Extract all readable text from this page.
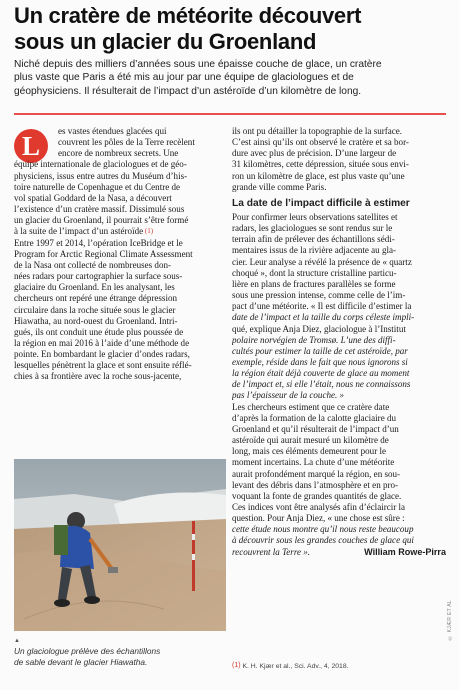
Un cratère de météorite découvert
sous un glacier du Groenland

Niché depuis des milliers d’années sous une épaisse couche de glace, un cratère
plus vaste que Paris a été mis au jour par une équipe de glaciologues et de
géophysiciens. Il résulterait de l’impact d’un astéroïde d’un kilomètre de long.

L	es vastes étendues glacées qui
couvrent les pôles de la Terre recèlent
encore de nombreux secrets. Une
équipe internationale de glaciologues et de géo-
physiciens, issus entre autres du Muséum d’his-
toire naturelle de Copenhague et du Centre de
vol spatial Goddard de la Nasa, a découvert
l’existence d’un cratère massif. Dissimulé sous
un glacier du Groenland, il pourrait s’être formé
à la suite de l’impact d’un astéroïde (1)
Entre 1997 et 2014, l’opération IceBridge et le
Program for Arctic Regional Climate Assessment
de la Nasa ont collecté de nombreuses don-
nées radars pour cartographier la surface sous-
glaciaire du Groenland. En les analysant, les
chercheurs ont repéré une étrange dépression
circulaire dans la roche située sous le glacier
Hiawatha, au nord-ouest du Groenland. Intri-
gués, ils ont conduit une étude plus poussée de
la région en mai 2016 à l’aide d’une méthode de
pointe. En bombardant le glacier d’ondes radars,
lesquelles pénètrent la glace et sont ensuite réflé-
chies à sa frontière avec la roche sous-jacente,
ils ont pu détailler la topographie de la surface.
C’est ainsi qu’ils ont observé le cratère et sa bor-
dure avec plus de précision. D’une largeur de
31 kilomètres, cette dépression, située sous envi-
ron un kilomètre de glace, est plus vaste qu’une
grande ville comme Paris.
La date de l’impact difficile à estimer
Pour confirmer leurs observations satellites et
radars, les glaciologues se sont rendus sur le
terrain afin de prélever des échantillons sédi-
mentaires issus de la rivière adjacente au gla-
cier. Leur analyse a révélé la présence de « quartz
choqué », dont la structure cristalline particu-
lière en plans de fractures parallèles se forme
sous une pression intense, comme celle de l’im-
pact d’une météorite. « Il est difficile d’estimer la
date de l’impact et la taille du corps céleste impli-
qué, explique Anja Diez, glaciologue à l’Institut
polaire norvégien de Tromsø. L’une des diffi-
cultés pour estimer la taille de cet astéroïde, par
exemple, réside dans le fait que nous ignorons si
la région était déjà couverte de glace au moment
de l’impact et, si elle l’était, nous ne connaissons
pas l’épaisseur de la couche. »
Les chercheurs estiment que ce cratère date
d’après la formation de la calotte glaciaire du
Groenland et qu’il résulterait de l’impact d’un
astéroïde qui aurait mesuré un kilomètre de
long, mais ces éléments demeurent pour le
moment incertains. La chute d’une météorite
aurait profondément marqué la région, en sou-
levant des débris dans l’atmosphère et en pro-
voquant la fonte de grandes quantités de glace.
Ces indices vont être analysés afin d’éclaircir la
question. Pour Anja Diez, « une chose est sûre :
cette étude nous montre qu’il nous reste beaucoup
à découvrir sous les grandes couches de glace qui
recouvrent la Terre ».	William Rowe-Pirra
▲
Un glaciologue prélève des échantillons
de sable devant le glacier Hiawatha.
© KJÆR ET AL
(1) K. H. Kjær et al., Sci. Adv., 4, 2018.
